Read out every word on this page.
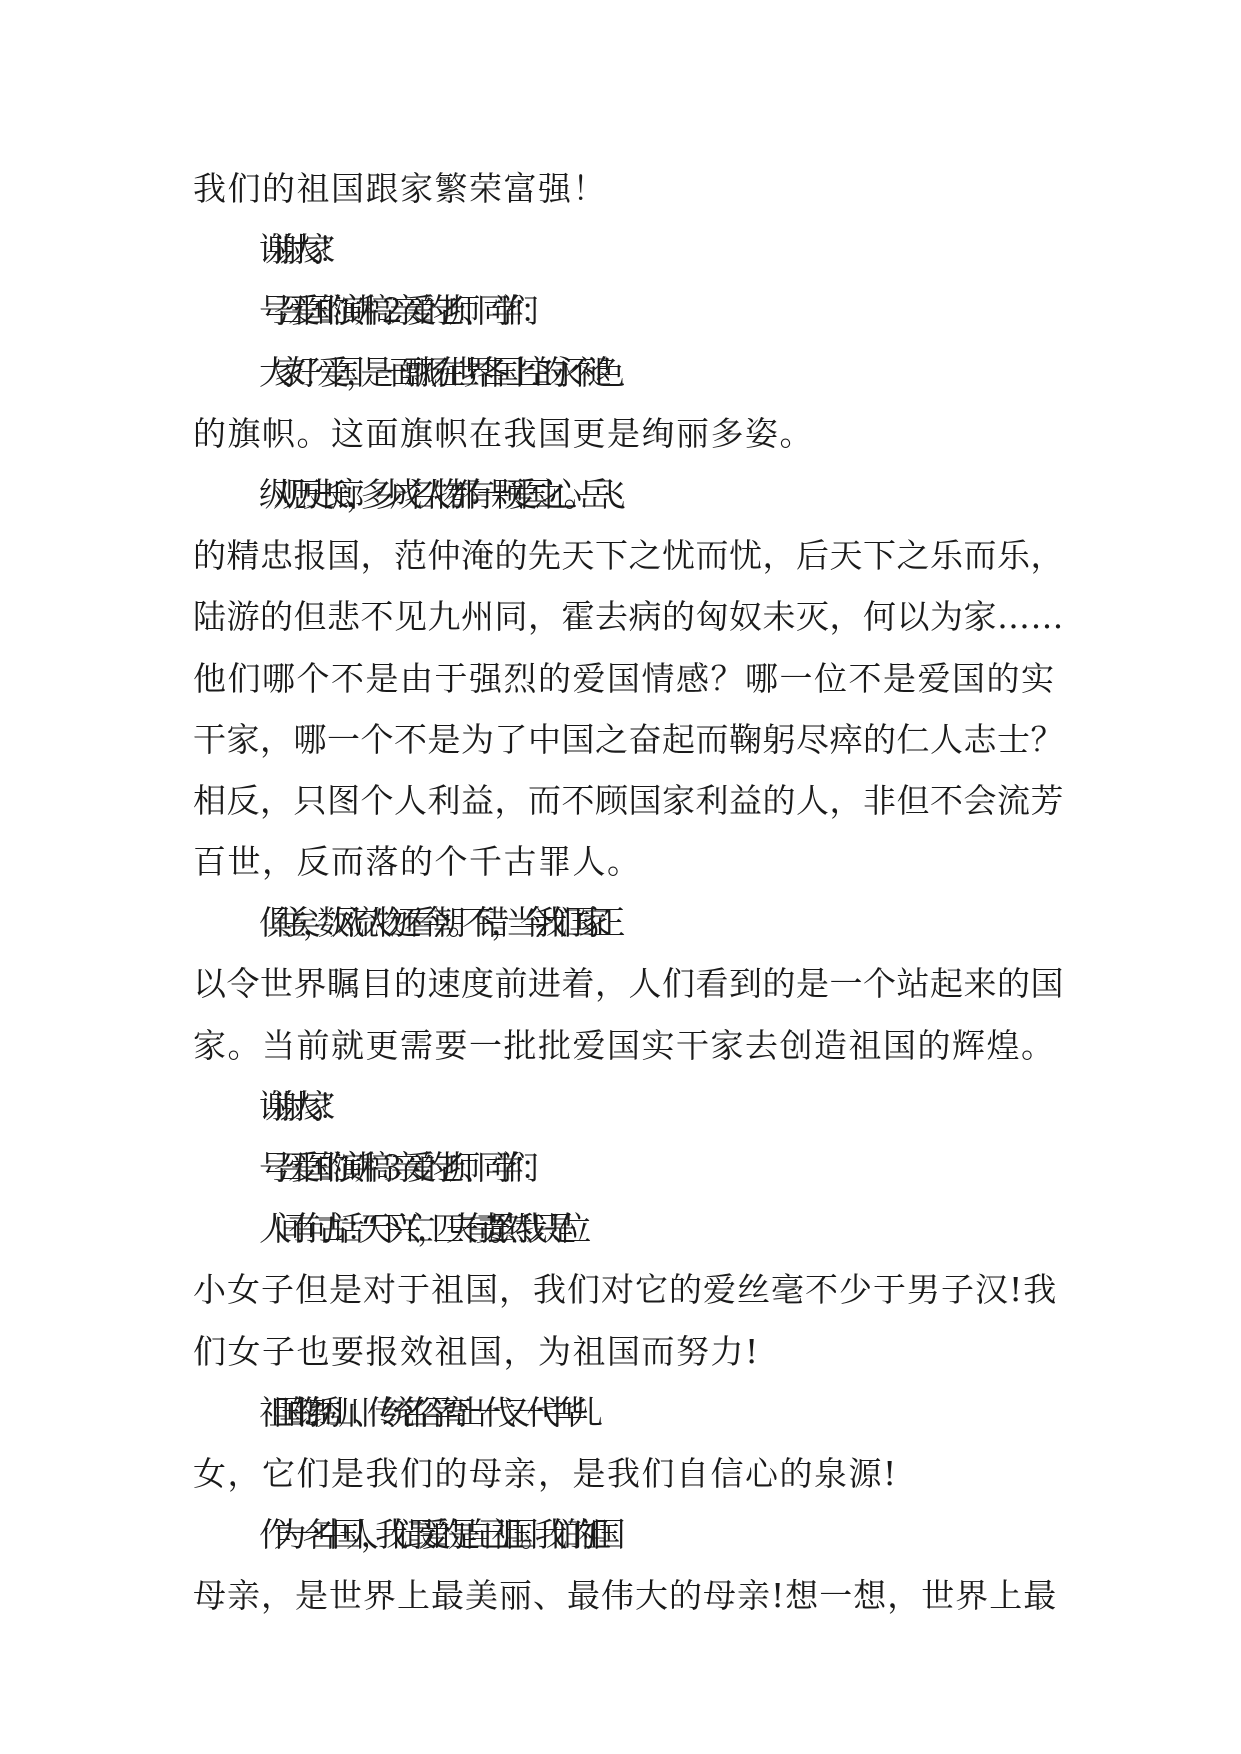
我们的祖国跟家繁荣富强！
谢谢大家！
号召爱国的演讲稿２亲爱的老师、同学们：
大家好！爱国，是一面飘扬在世界各国上空的永不褪色
的旗帜。这面旗帜在我国更是绚丽多姿。
纵观历史长廊，多少成名人物都有一颗爱国之心。岳飞
的精忠报国，范仲淹的先天下之忧而忧，后天下之乐而乐，
陆游的但悲不见九州同，霍去病的匈奴未灭，何以为家……
他们哪个不是由于强烈的爱国情感？哪一位不是爱国的实
干家，哪一个不是为了中国之奋起而鞠躬尽瘁的仁人志士？
相反，只图个人利益，而不顾国家利益的人，非但不会流芳
百世，反而落的个千古罪人。
俱往矣，数风流人物还看今朝。不错，当今我们国家正
以令世界瞩目的速度前进着，人们看到的是一个站起来的国
家。当前就更需要一批批爱国实干家去创造祖国的辉煌。
谢谢大家！
号召爱国的演讲稿３亲爱的老师、同学们：
人间有句古话：“天下兴亡，匹夫有责。”虽然我只是位
小女子但是对于祖国，我们对它的爱丝毫不少于男子汉!我
们女子也要报效祖国，为祖国而努力!
祖国的.锦绣山川、传统名俗孕育出一代又一代中华儿
女，它们是我们的母亲，是我们自信心的泉源!
作为一名中国人，我们最爱的是自己祖国。我们的祖国
母亲，是世界上最美丽、最伟大的母亲!想一想，世界上最
